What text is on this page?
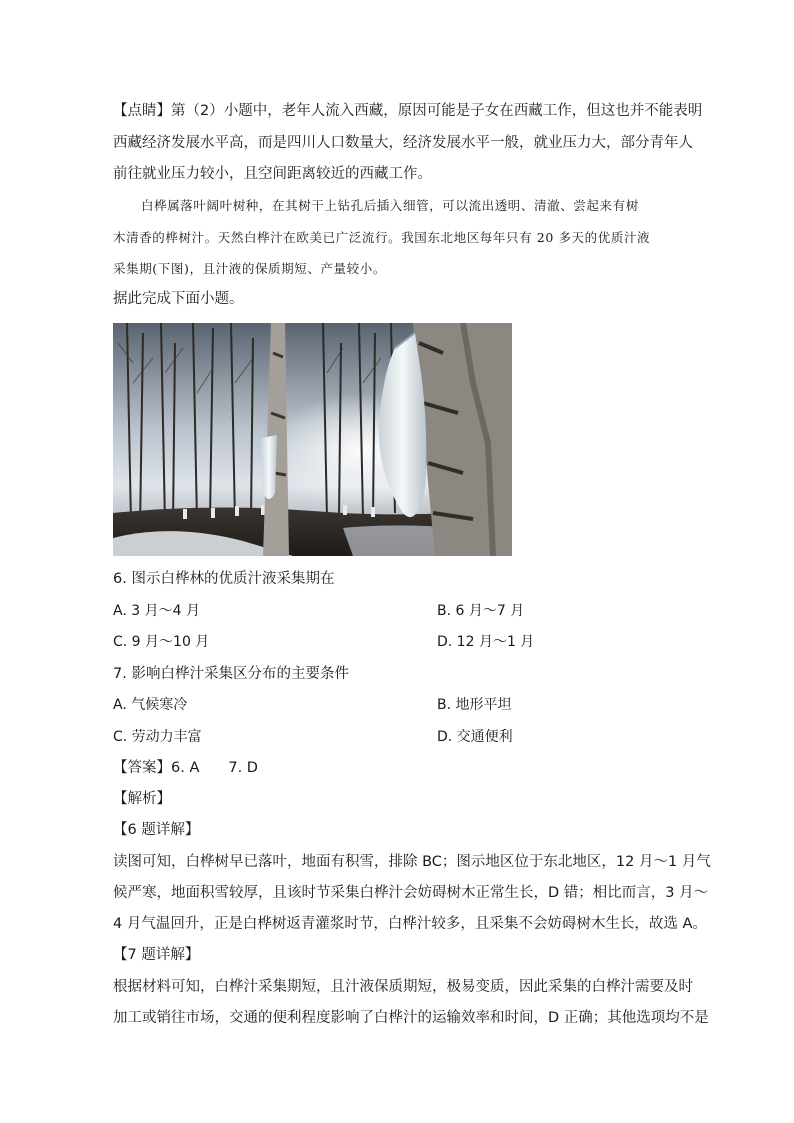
【点睛】第（2）小题中，老年人流入西藏，原因可能是子女在西藏工作，但这也并不能表明
西藏经济发展水平高，而是四川人口数量大，经济发展水平一般，就业压力大，部分青年人
前往就业压力较小，且空间距离较近的西藏工作。
白桦属落叶阔叶树种，在其树干上钻孔后插入细管，可以流出透明、清澈、尝起来有树
木清香的桦树汁。天然白桦汁在欧美已广泛流行。我国东北地区每年只有 20 多天的优质汁液
采集期(下图)，且汁液的保质期短、产量较小。
据此完成下面小题。
6. 图示白桦林的优质汁液采集期在
A. 3 月～4 月	B. 6 月～7 月
C. 9 月～10 月	D. 12 月～1 月
7. 影响白桦汁采集区分布的主要条件
A. 气候寒冷	B. 地形平坦
C. 劳动力丰富	D. 交通便利
【答案】6. A　　7. D
【解析】
【6 题详解】
读图可知，白桦树早已落叶，地面有积雪，排除 BC；图示地区位于东北地区，12 月～1 月气
候严寒，地面积雪较厚，且该时节采集白桦汁会妨碍树木正常生长，D 错；相比而言，3 月～
4 月气温回升，正是白桦树返青灌浆时节，白桦汁较多，且采集不会妨碍树木生长，故选 A。
【7 题详解】
根据材料可知，白桦汁采集期短，且汁液保质期短，极易变质，因此采集的白桦汁需要及时
加工或销往市场，交通的便利程度影响了白桦汁的运输效率和时间，D 正确；其他选项均不是
